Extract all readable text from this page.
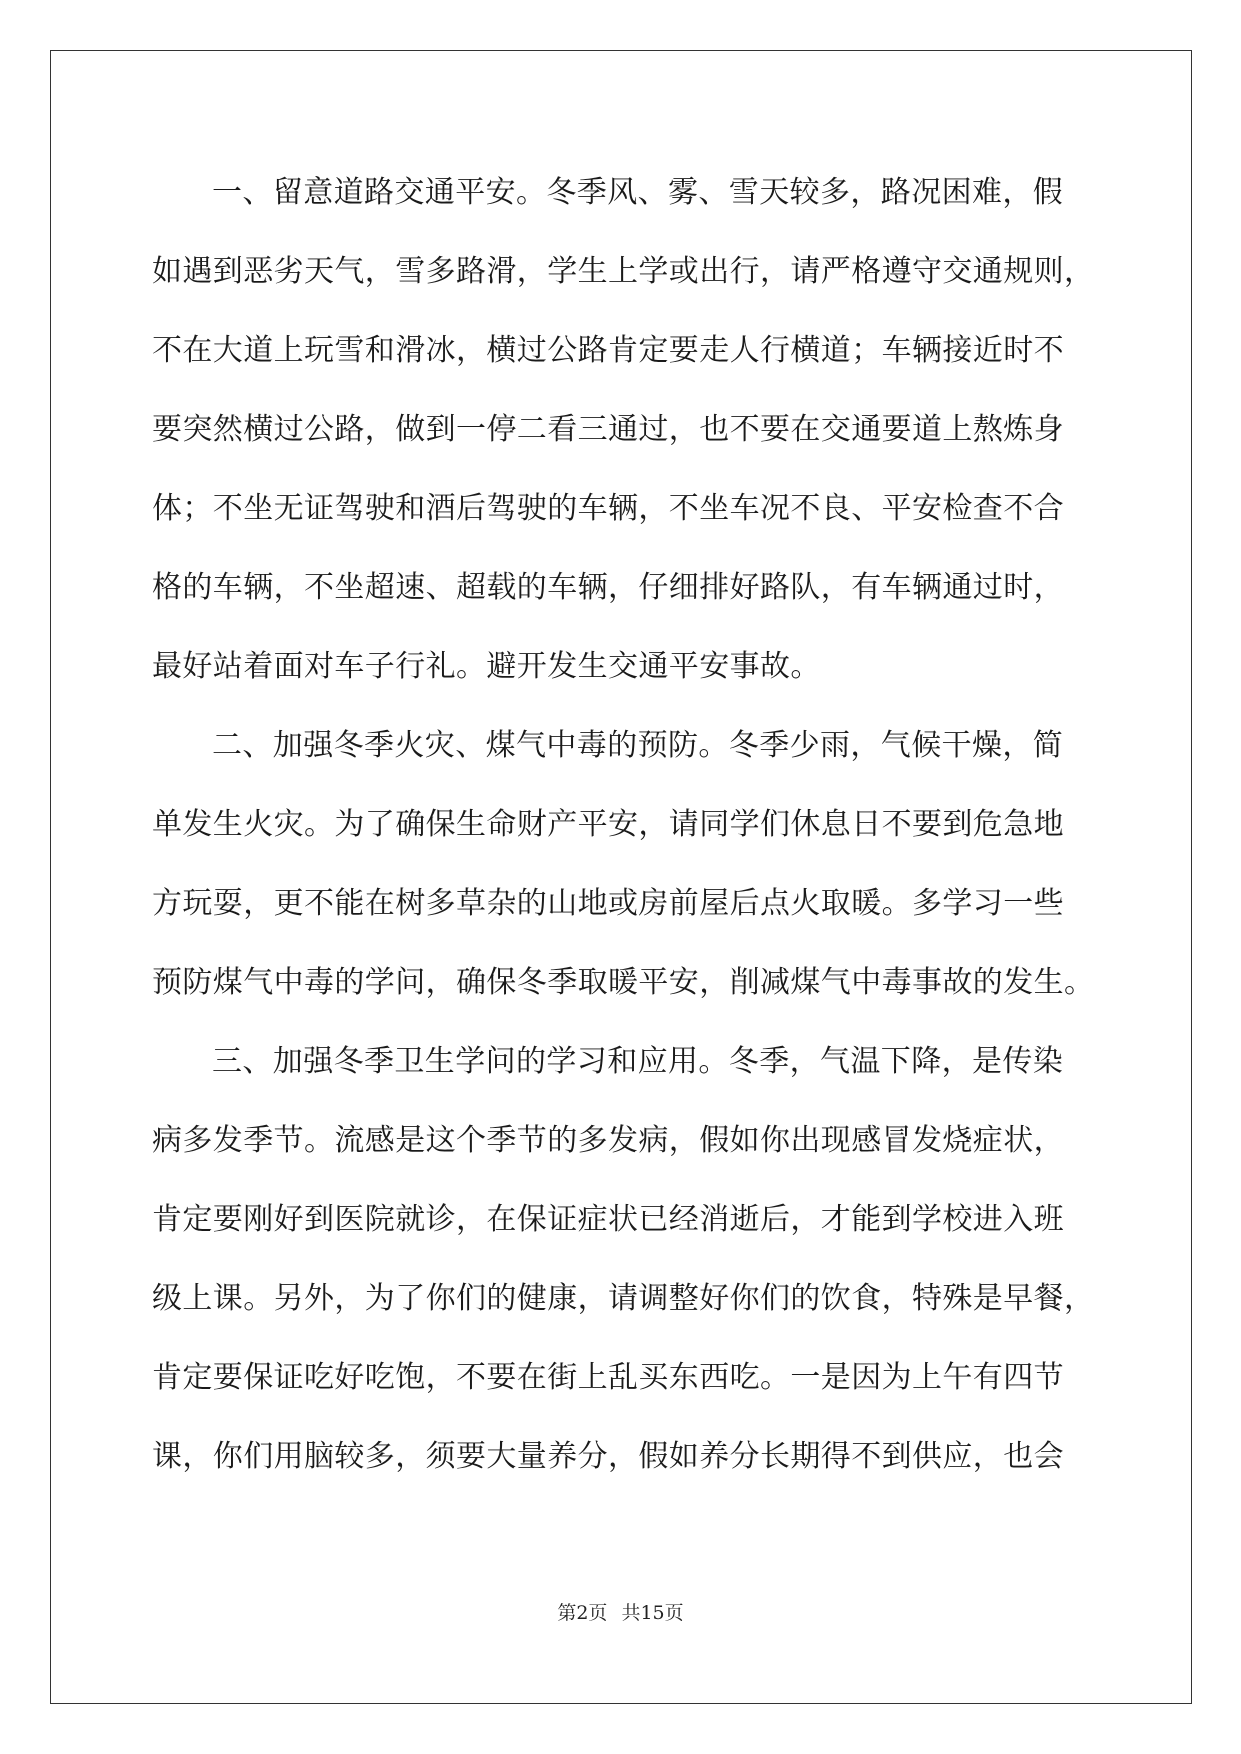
一、留意道路交通平安。冬季风、雾、雪天较多，路况困难，假
如遇到恶劣天气，雪多路滑，学生上学或出行，请严格遵守交通规则，
不在大道上玩雪和滑冰，横过公路肯定要走人行横道；车辆接近时不
要突然横过公路，做到一停二看三通过，也不要在交通要道上熬炼身
体；不坐无证驾驶和酒后驾驶的车辆，不坐车况不良、平安检查不合
格的车辆，不坐超速、超载的车辆，仔细排好路队，有车辆通过时，
最好站着面对车子行礼。避开发生交通平安事故。
二、加强冬季火灾、煤气中毒的预防。冬季少雨，气候干燥，简
单发生火灾。为了确保生命财产平安，请同学们休息日不要到危急地
方玩耍，更不能在树多草杂的山地或房前屋后点火取暖。多学习一些
预防煤气中毒的学问，确保冬季取暖平安，削减煤气中毒事故的发生。
三、加强冬季卫生学问的学习和应用。冬季，气温下降，是传染
病多发季节。流感是这个季节的多发病，假如你出现感冒发烧症状，
肯定要刚好到医院就诊，在保证症状已经消逝后，才能到学校进入班
级上课。另外，为了你们的健康，请调整好你们的饮食，特殊是早餐，
肯定要保证吃好吃饱，不要在街上乱买东西吃。一是因为上午有四节
课，你们用脑较多，须要大量养分，假如养分长期得不到供应，也会
第2页 共15页
